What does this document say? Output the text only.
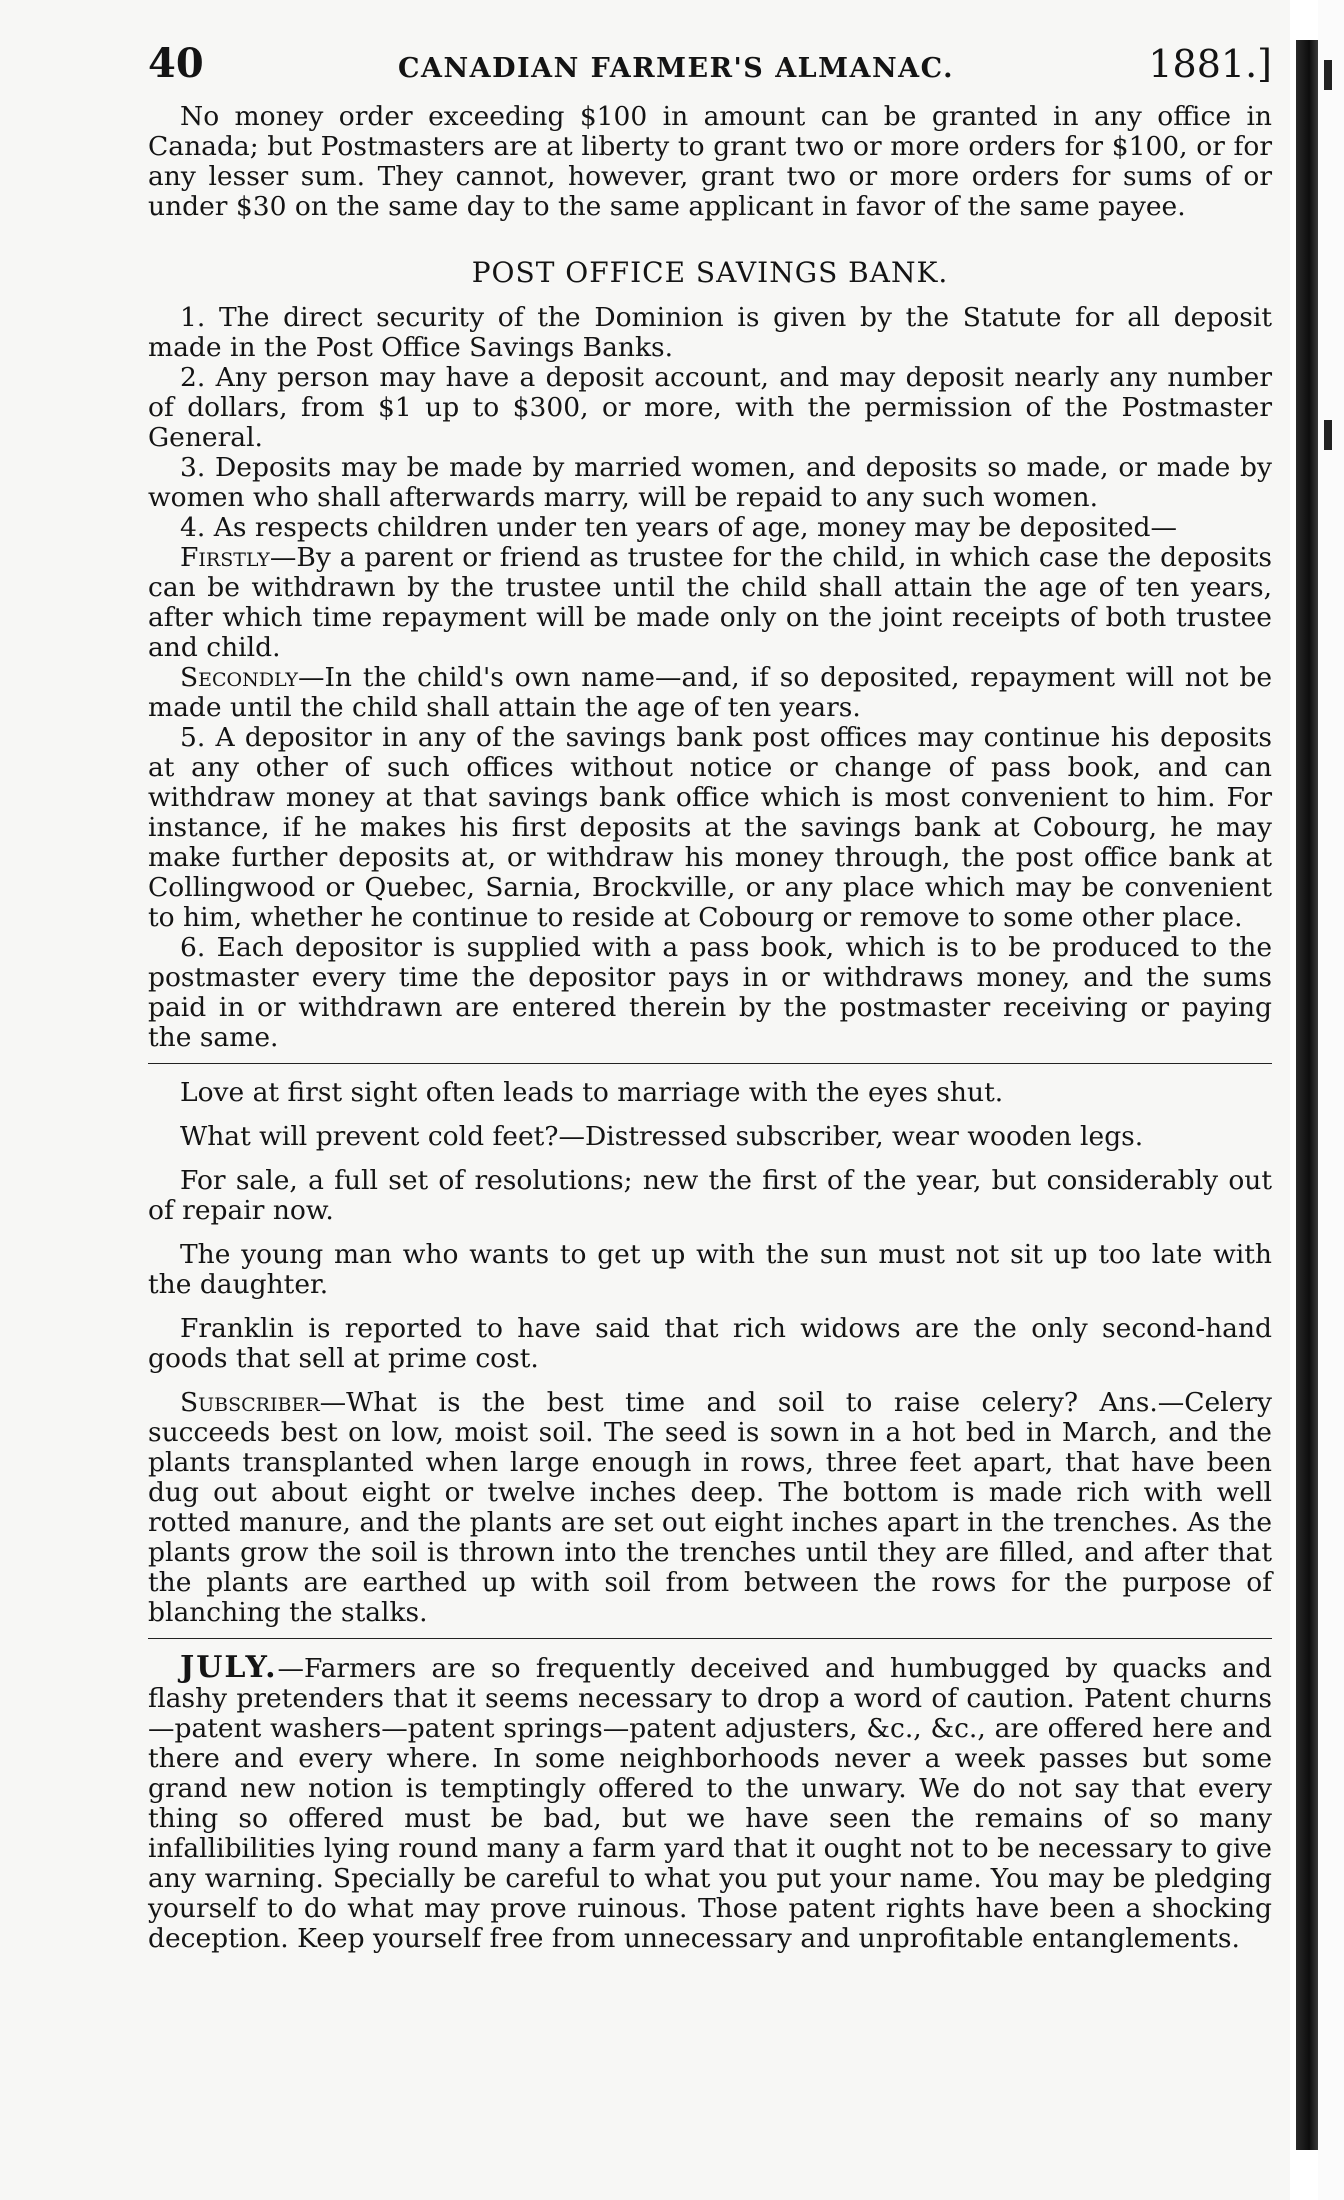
40	CANADIAN FARMER'S ALMANAC.	1881.]

No money order exceeding $100 in amount can be granted in any office in Canada; but Postmasters are at liberty to grant two or more orders for $100, or for any lesser sum. They cannot, however, grant two or more orders for sums of or under $30 on the same day to the same applicant in favor of the same payee.

POST OFFICE SAVINGS BANK.

1. The direct security of the Dominion is given by the Statute for all deposit made in the Post Office Savings Banks.

2. Any person may have a deposit account, and may deposit nearly any number of dollars, from $1 up to $300, or more, with the permission of the Postmaster General.

3. Deposits may be made by married women, and deposits so made, or made by women who shall afterwards marry, will be repaid to any such women.

4. As respects children under ten years of age, money may be deposited—

Firstly—By a parent or friend as trustee for the child, in which case the deposits can be withdrawn by the trustee until the child shall attain the age of ten years, after which time repayment will be made only on the joint receipts of both trustee and child.

Secondly—In the child's own name—and, if so deposited, repayment will not be made until the child shall attain the age of ten years.

5. A depositor in any of the savings bank post offices may continue his deposits at any other of such offices without notice or change of pass book, and can withdraw money at that savings bank office which is most convenient to him. For instance, if he makes his first deposits at the savings bank at Cobourg, he may make further deposits at, or withdraw his money through, the post office bank at Collingwood or Quebec, Sarnia, Brockville, or any place which may be convenient to him, whether he continue to reside at Cobourg or remove to some other place.

6. Each depositor is supplied with a pass book, which is to be produced to the postmaster every time the depositor pays in or withdraws money, and the sums paid in or withdrawn are entered therein by the postmaster receiving or paying the same.

Love at first sight often leads to marriage with the eyes shut.

What will prevent cold feet?—Distressed subscriber, wear wooden legs.

For sale, a full set of resolutions; new the first of the year, but considerably out of repair now.

The young man who wants to get up with the sun must not sit up too late with the daughter.

Franklin is reported to have said that rich widows are the only second-hand goods that sell at prime cost.

Subscriber—What is the best time and soil to raise celery? Ans.—Celery succeeds best on low, moist soil. The seed is sown in a hot bed in March, and the plants transplanted when large enough in rows, three feet apart, that have been dug out about eight or twelve inches deep. The bottom is made rich with well rotted manure, and the plants are set out eight inches apart in the trenches. As the plants grow the soil is thrown into the trenches until they are filled, and after that the plants are earthed up with soil from between the rows for the purpose of blanching the stalks.

JULY.—Farmers are so frequently deceived and humbugged by quacks and flashy pretenders that it seems necessary to drop a word of caution. Patent churns—patent washers—patent springs—patent adjusters, &c., &c., are offered here and there and every where. In some neighborhoods never a week passes but some grand new notion is temptingly offered to the unwary. We do not say that every thing so offered must be bad, but we have seen the remains of so many infallibilities lying round many a farm yard that it ought not to be necessary to give any warning. Specially be careful to what you put your name. You may be pledging yourself to do what may prove ruinous. Those patent rights have been a shocking deception. Keep yourself free from unnecessary and unprofitable entanglements.
